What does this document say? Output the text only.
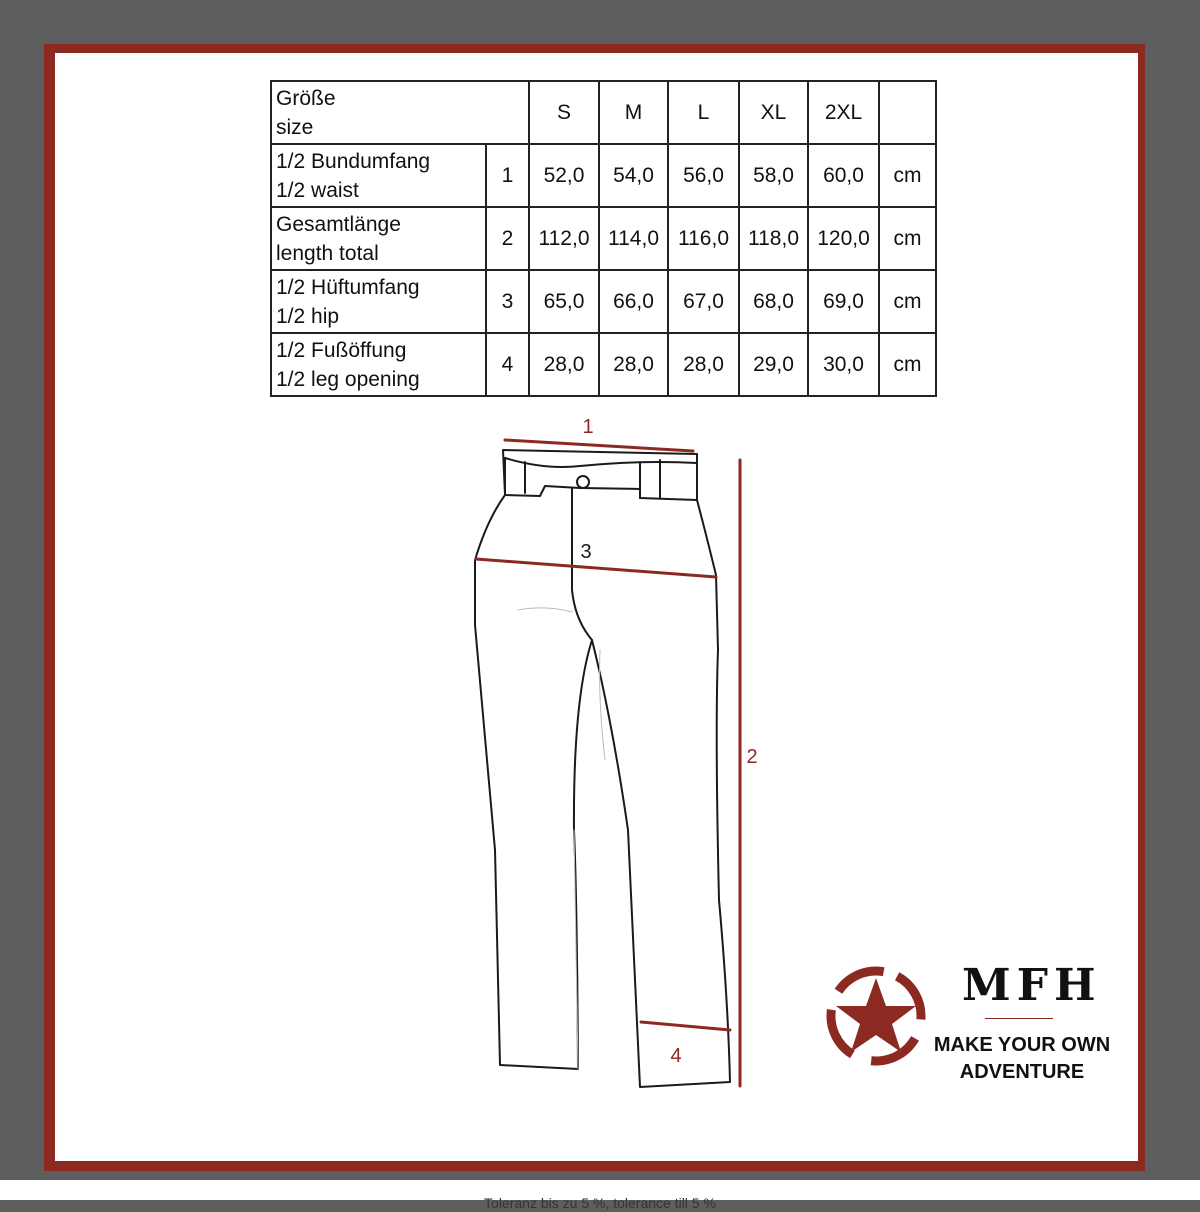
Größe
size		S	M	L	XL	2XL	

1/2 Bundumfang
1/2 waist	1	52,0	54,0	56,0	58,0	60,0	cm

Gesamtlänge
length total	2	112,0	114,0	116,0	118,0	120,0	cm

1/2 Hüftumfang
1/2 hip	3	65,0	66,0	67,0	68,0	69,0	cm

1/2 Fußöffung
1/2 leg opening	4	28,0	28,0	28,0	29,0	30,0	cm
1
3
2
4
MFH
MAKE YOUR OWN
ADVENTURE
Toleranz bis zu 5 %, tolerance till 5 %
